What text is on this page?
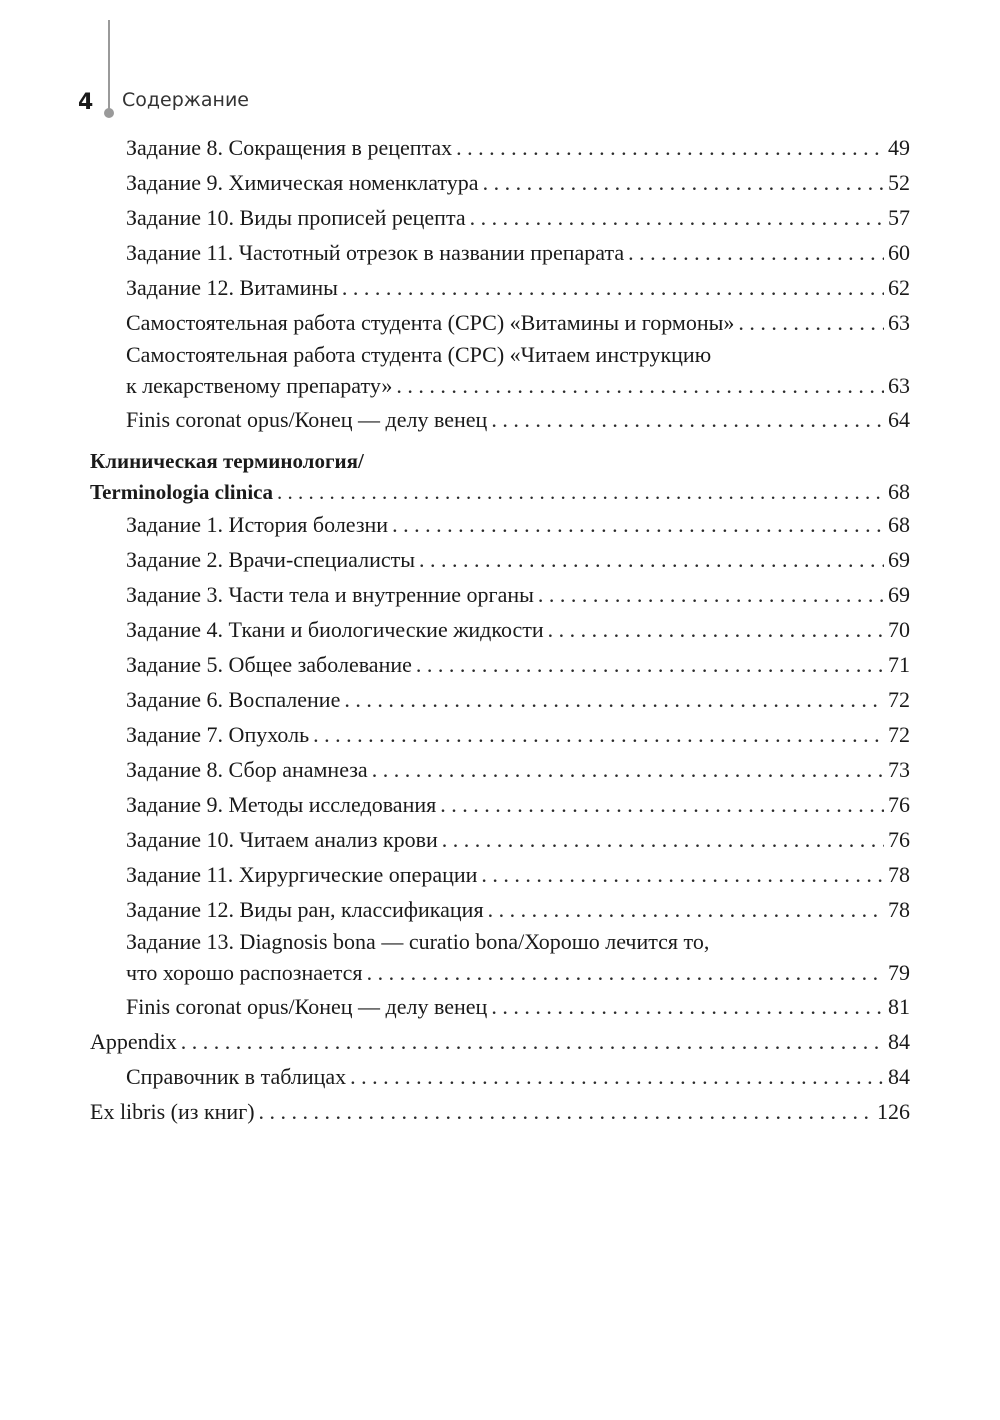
4 Содержание
Задание 8. Сокращения в рецептах . . .	49
Задание 9. Химическая номенклатура . . .	52
Задание 10. Виды прописей рецепта . . .	57
Задание 11. Частотный отрезок в названии препарата . . .	60
Задание 12. Витамины . . .	62
Самостоятельная работа студента (СРС) «Витамины и гормоны» . . .	63
Самостоятельная работа студента (СРС) «Читаем инструкцию
к лекарственому препарату» . . .	63
Finis coronat opus/Конец — делу венец . . .	64
Клиническая терминология/
Terminologia clinica . . .	68
Задание 1. История болезни . . .	68
Задание 2. Врачи-специалисты . . .	69
Задание 3. Части тела и внутренние органы . . .	69
Задание 4. Ткани и биологические жидкости . . .	70
Задание 5. Общее заболевание . . .	71
Задание 6. Воспаление . . .	72
Задание 7. Опухоль . . .	72
Задание 8. Сбор анамнеза . . .	73
Задание 9. Методы исследования . . .	76
Задание 10. Читаем анализ крови . . .	76
Задание 11. Хирургические операции . . .	78
Задание 12. Виды ран, классификация . . .	78
Задание 13. Diagnosis bona — curatio bona/Хорошо лечится то,
что хорошо распознается . . .	79
Finis coronat opus/Конец — делу венец . . .	81
Appendix . . .	84
Справочник в таблицах . . .	84
Ex libris (из книг) . . .	126
